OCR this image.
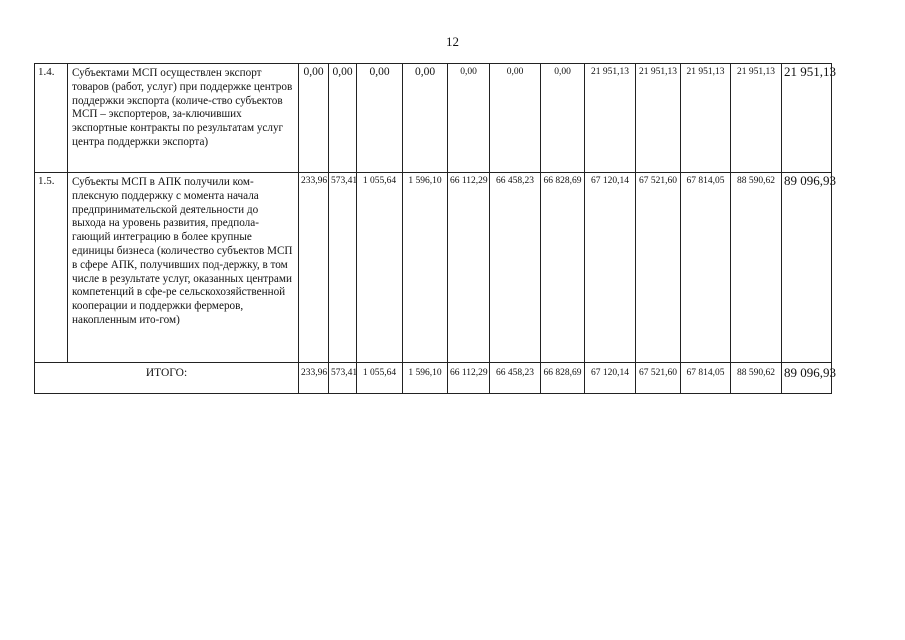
12
1.4.	Субъектами МСП осуществлен экспорт товаров (работ, услуг) при поддержке центров поддержки экспорта (количе-ство субъектов МСП – экспортеров, за-ключивших экспортные контракты по результатам услуг центра поддержки экспорта)	0,00	0,00	0,00	0,00	0,00	0,00	0,00	21 951,13	21 951,13	21 951,13	21 951,13	21 951,13
1.5.	Субъекты МСП в АПК получили ком-плексную поддержку с момента начала предпринимательской деятельности до выхода на уровень развития, предпола-гающий интеграцию в более крупные единицы бизнеса (количество субъектов МСП в сфере АПК, получивших под-держку, в том числе в результате услуг, оказанных центрами компетенций в сфе-ре сельскохозяйственной кооперации и поддержки фермеров, накопленным ито-гом)	233,96	573,41	1 055,64	1 596,10	66 112,29	66 458,23	66 828,69	67 120,14	67 521,60	67 814,05	88 590,62	89 096,93
ИТОГО:		233,96	573,41	1 055,64	1 596,10	66 112,29	66 458,23	66 828,69	67 120,14	67 521,60	67 814,05	88 590,62	89 096,93
